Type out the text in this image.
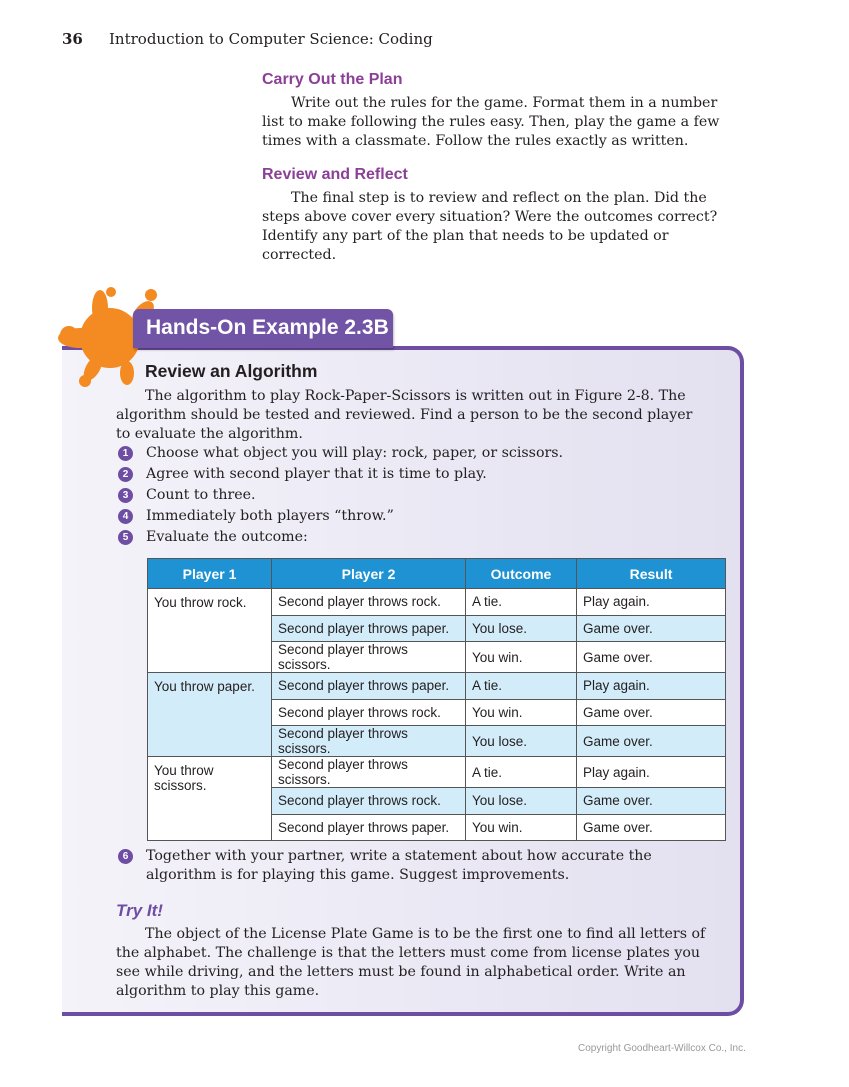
36 Introduction to Computer Science: Coding
Carry Out the Plan
Write out the rules for the game. Format them in a number list to make following the rules easy. Then, play the game a few times with a classmate. Follow the rules exactly as written.
Review and Reflect
The final step is to review and reflect on the plan. Did the steps above cover every situation? Were the outcomes correct? Identify any part of the plan that needs to be updated or corrected.
Hands-On Example 2.3B
Review an Algorithm
The algorithm to play Rock-Paper-Scissors is written out in Figure 2-8. The algorithm should be tested and reviewed. Find a person to be the second player to evaluate the algorithm.
1	Choose what object you will play: rock, paper, or scissors.
2	Agree with second player that it is time to play.
3	Count to three.
4	Immediately both players “throw.”
5	Evaluate the outcome:
Player 1	Player 2	Outcome	Result
You throw rock.	Second player throws rock.	A tie.	Play again.
	Second player throws paper.	You lose.	Game over.
	Second player throws scissors.	You win.	Game over.
You throw paper.	Second player throws paper.	A tie.	Play again.
	Second player throws rock.	You win.	Game over.
	Second player throws scissors.	You lose.	Game over.
You throw scissors.	Second player throws scissors.	A tie.	Play again.
	Second player throws rock.	You lose.	Game over.
	Second player throws paper.	You win.	Game over.
6	Together with your partner, write a statement about how accurate the algorithm is for playing this game. Suggest improvements.
Try It!
The object of the License Plate Game is to be the first one to find all letters of the alphabet. The challenge is that the letters must come from license plates you see while driving, and the letters must be found in alphabetical order. Write an algorithm to play this game.
Copyright Goodheart-Willcox Co., Inc.
